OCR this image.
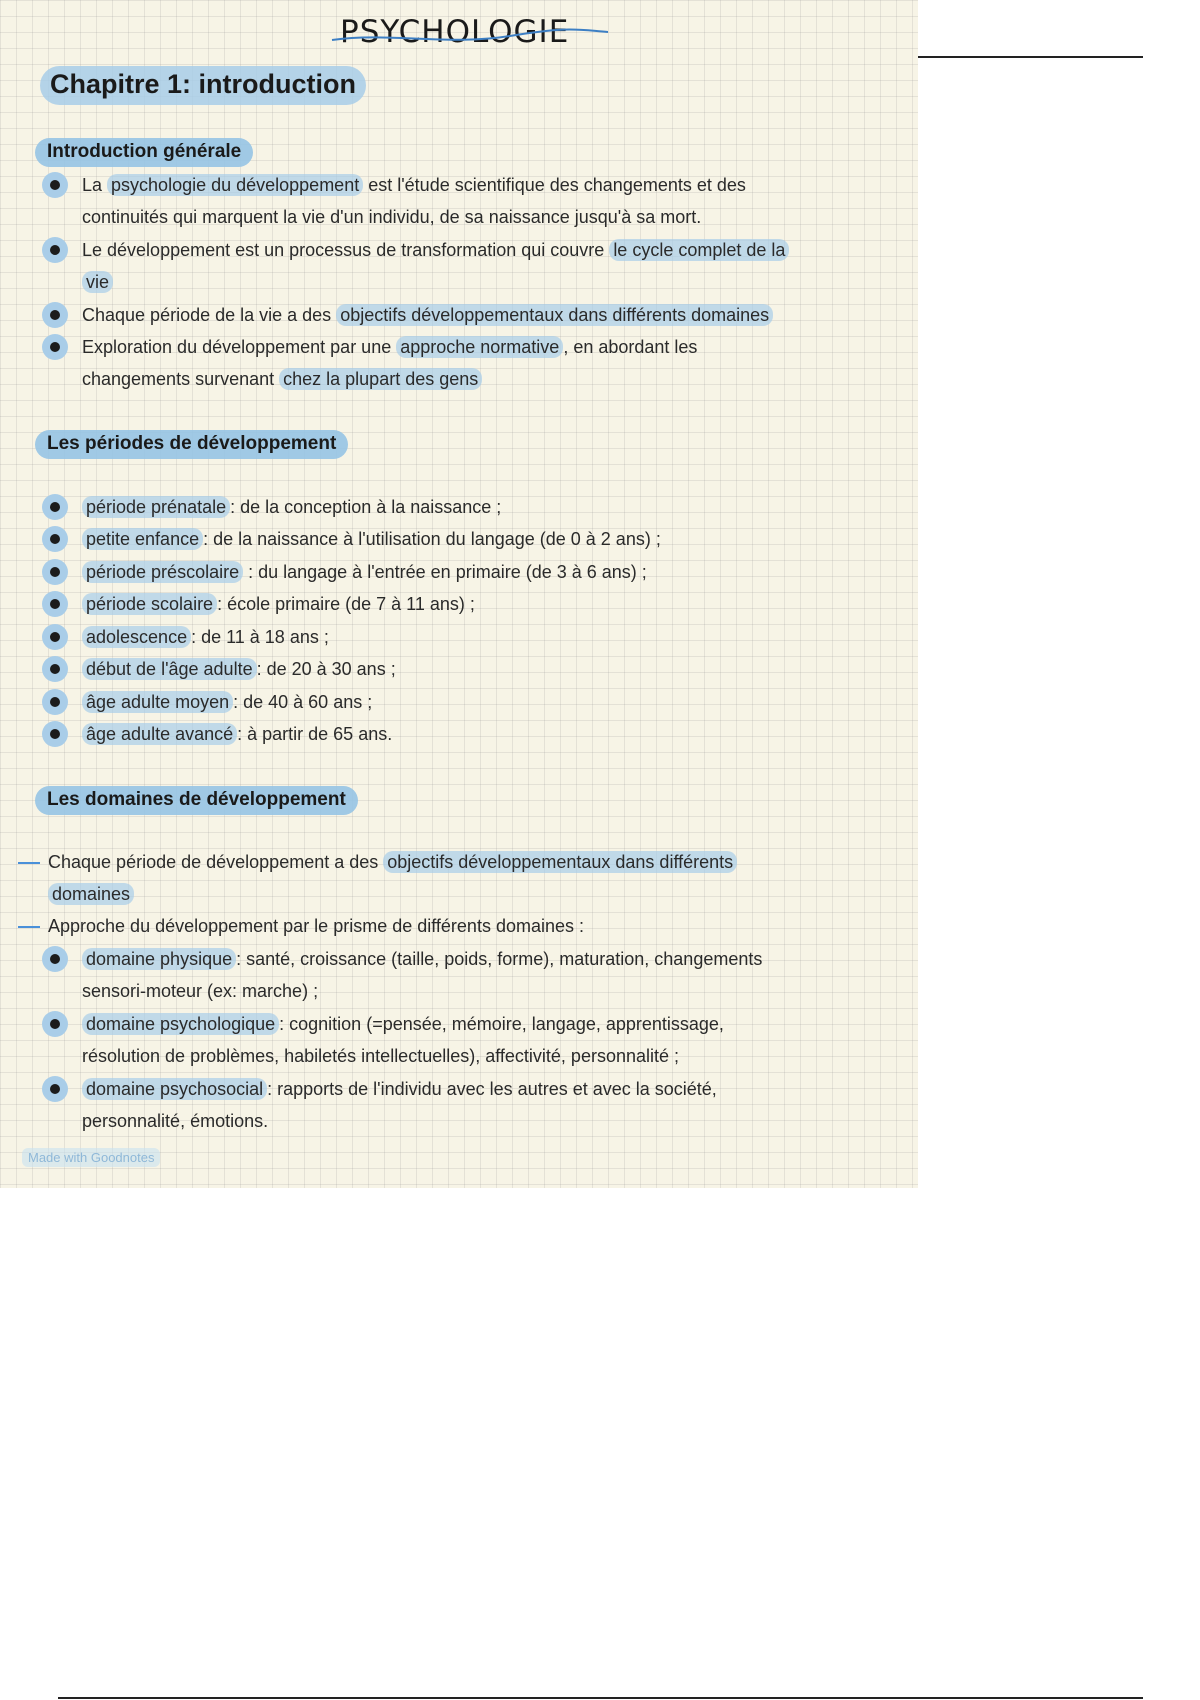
PSYCHOLOGIE
Chapitre 1: introduction
Introduction générale
La psychologie du développement est l'étude scientifique des changements et des
continuités qui marquent la vie d'un individu, de sa naissance jusqu'à sa mort.
Le développement est un processus de transformation qui couvre le cycle complet de la
vie
Chaque période de la vie a des objectifs développementaux dans différents domaines
Exploration du développement par une approche normative , en abordant les
changements survenant chez la plupart des gens
Les périodes de développement
période prénatale : de la conception à la naissance ;
petite enfance : de la naissance à l'utilisation du langage (de 0 à 2 ans) ;
période préscolaire : du langage à l'entrée en primaire (de 3 à 6 ans) ;
période scolaire : école primaire (de 7 à 11 ans) ;
adolescence : de 11 à 18 ans ;
début de l'âge adulte : de 20 à 30 ans ;
âge adulte moyen : de 40 à 60 ans ;
âge adulte avancé : à partir de 65 ans.
Les domaines de développement
Chaque période de développement a des objectifs développementaux dans différents
domaines
Approche du développement par le prisme de différents domaines :
domaine physique : santé, croissance (taille, poids, forme), maturation, changements
sensori-moteur (ex: marche) ;
domaine psychologique : cognition (=pensée, mémoire, langage, apprentissage,
résolution de problèmes, habiletés intellectuelles), affectivité, personnalité ;
domaine psychosocial : rapports de l'individu avec les autres et avec la société,
personnalité, émotions.
Made with Goodnotes
